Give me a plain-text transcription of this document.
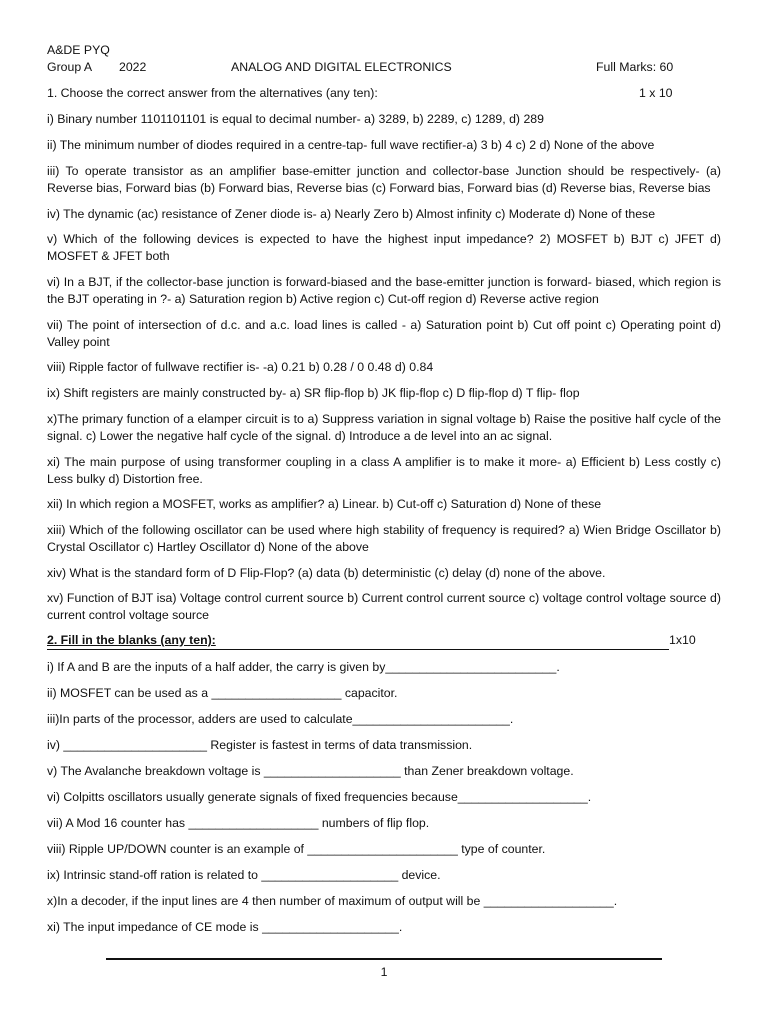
A&DE PYQ
Group A 2022	ANALOG AND DIGITAL ELECTRONICS	Full Marks: 60
1. Choose the correct answer from the alternatives (any ten):	1 x 10
i) Binary number 1101101101 is equal to decimal number- a) 3289, b) 2289, c) 1289, d) 289
ii) The minimum number of diodes required in a centre-tap- full wave rectifier-a) 3 b) 4 c) 2 d) None of the above
iii) To operate transistor as an amplifier base-emitter junction and collector-base Junction should be respectively- (a) Reverse bias, Forward bias (b) Forward bias, Reverse bias (c) Forward bias, Forward bias (d) Reverse bias, Reverse bias
iv) The dynamic (ac) resistance of Zener diode is- a) Nearly Zero b) Almost infinity c) Moderate d) None of these
v) Which of the following devices is expected to have the highest input impedance? 2) MOSFET b) BJT c) JFET d) MOSFET & JFET both
vi) In a BJT, if the collector-base junction is forward-biased and the base-emitter junction is forward- biased, which region is the BJT operating in ?- a) Saturation region b) Active region c) Cut-off region d) Reverse active region
vii) The point of intersection of d.c. and a.c. load lines is called - a) Saturation point b) Cut off point c) Operating point d) Valley point
viii) Ripple factor of fullwave rectifier is- -a) 0.21 b) 0.28 / 0 0.48 d) 0.84
ix) Shift registers are mainly constructed by- a) SR flip-flop b) JK flip-flop c) D flip-flop d) T flip- flop
x)The primary function of a elamper circuit is to a) Suppress variation in signal voltage b) Raise the positive half cycle of the signal. c) Lower the negative half cycle of the signal. d) Introduce a de level into an ac signal.
xi) The main purpose of using transformer coupling in a class A amplifier is to make it more- a) Efficient b) Less costly c) Less bulky d) Distortion free.
xii) In which region a MOSFET, works as amplifier? a) Linear. b) Cut-off c) Saturation d) None of these
xiii) Which of the following oscillator can be used where high stability of frequency is required? a) Wien Bridge Oscillator b) Crystal Oscillator c) Hartley Oscillator d) None of the above
xiv) What is the standard form of D Flip-Flop? (a) data (b) deterministic (c) delay (d) none of the above.
xv) Function of BJT isa) Voltage control current source b) Current control current source c) voltage control voltage source d) current control voltage source
2. Fill in the blanks (any ten):	1x10
i) If A and B are the inputs of a half adder, the carry is given by_________________________.
ii) MOSFET can be used as a ___________________ capacitor.
iii)In parts of the processor, adders are used to calculate_______________________.
iv) _____________________ Register is fastest in terms of data transmission.
v) The Avalanche breakdown voltage is ____________________ than Zener breakdown voltage.
vi) Colpitts oscillators usually generate signals of fixed frequencies because___________________.
vii) A Mod 16 counter has ___________________ numbers of flip flop.
viii) Ripple UP/DOWN counter is an example of ______________________ type of counter.
ix) Intrinsic stand-off ration is related to ____________________ device.
x)In a decoder, if the input lines are 4 then number of maximum of output will be ___________________.
xi) The input impedance of CE mode is ____________________.
1
